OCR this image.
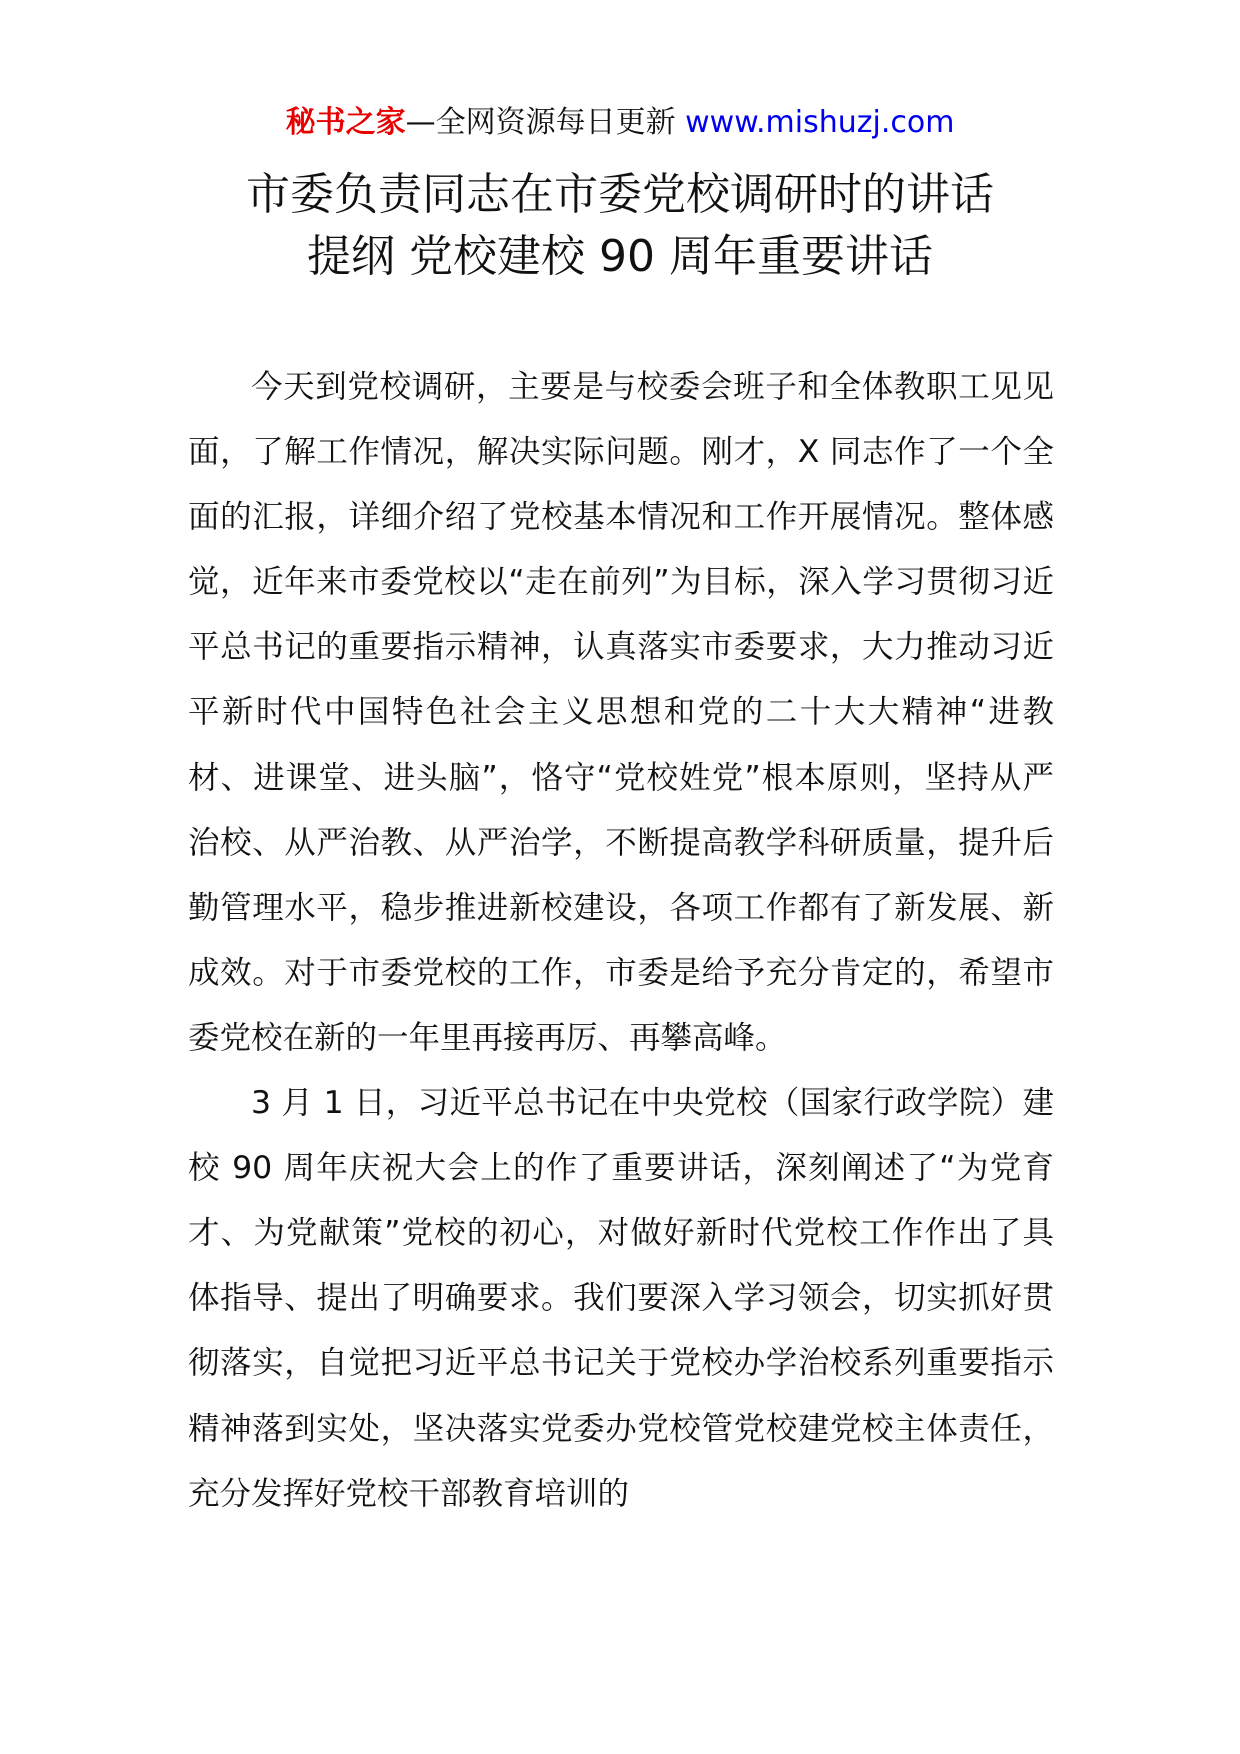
秘书之家—全网资源每日更新 www.mishuzj.com
市委负责同志在市委党校调研时的讲话
提纲 党校建校 90 周年重要讲话

今天到党校调研，主要是与校委会班子和全体教职工见见面，了解工作情况，解决实际问题。刚才，X 同志作了一个全面的汇报，详细介绍了党校基本情况和工作开展情况。整体感觉，近年来市委党校以“走在前列”为目标，深入学习贯彻习近平总书记的重要指示精神，认真落实市委要求，大力推动习近平新时代中国特色社会主义思想和党的二十大大精神“进教材、进课堂、进头脑”，恪守“党校姓党”根本原则，坚持从严治校、从严治教、从严治学，不断提高教学科研质量，提升后勤管理水平，稳步推进新校建设，各项工作都有了新发展、新成效。对于市委党校的工作，市委是给予充分肯定的，希望市委党校在新的一年里再接再厉、再攀高峰。

3 月 1 日，习近平总书记在中央党校（国家行政学院）建校 90 周年庆祝大会上的作了重要讲话，深刻阐述了“为党育才、为党献策”党校的初心，对做好新时代党校工作作出了具体指导、提出了明确要求。我们要深入学习领会，切实抓好贯彻落实，自觉把习近平总书记关于党校办学治校系列重要指示精神落到实处，坚决落实党委办党校管党校建党校主体责任，充分发挥好党校干部教育培训的
